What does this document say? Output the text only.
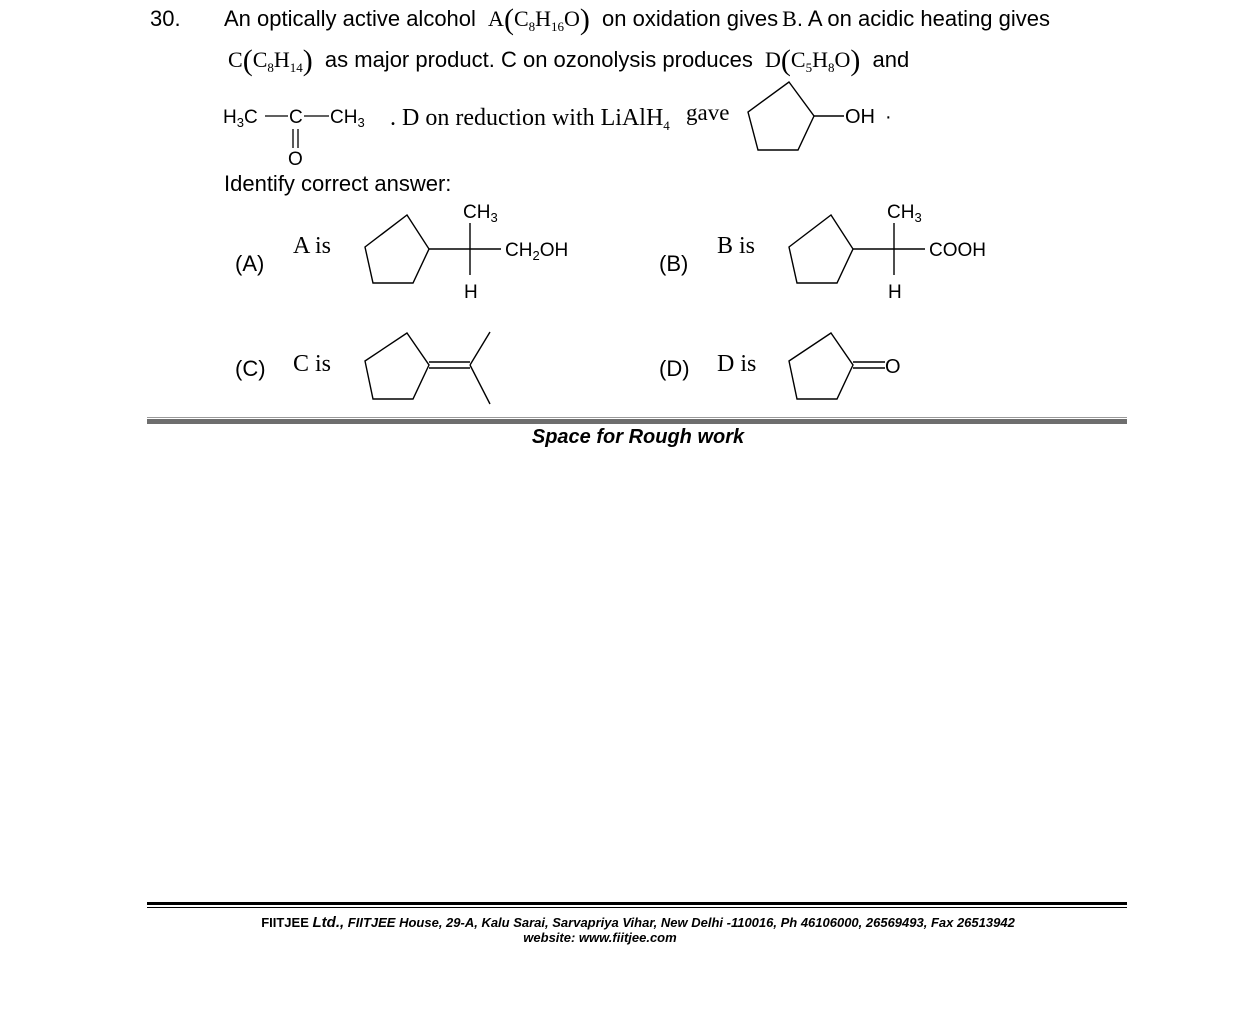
30. An optically active alcohol $A(C_8H_{16}O)$ on oxidation gives B. A on acidic heating gives
$C(C_8H_{14})$ as major product. C on ozonolysis produces $D(C_5H_8O)$ and
$H_3C$ C $CH_3$
O
. D on reduction with LiAlH$_4$
gave	OH ·
Identify correct answer:
(A)
A is
$CH_3$
$CH_2OH$
H
(B)
B is
$CH_3$
COOH
H
(C) C is	(D) D is	O
Space for Rough work
FIITJEE Ltd., FIITJEE House, 29-A, Kalu Sarai, Sarvapriya Vihar, New Delhi -110016, Ph 46106000, 26569493, Fax 26513942
website: www.fiitjee.com
